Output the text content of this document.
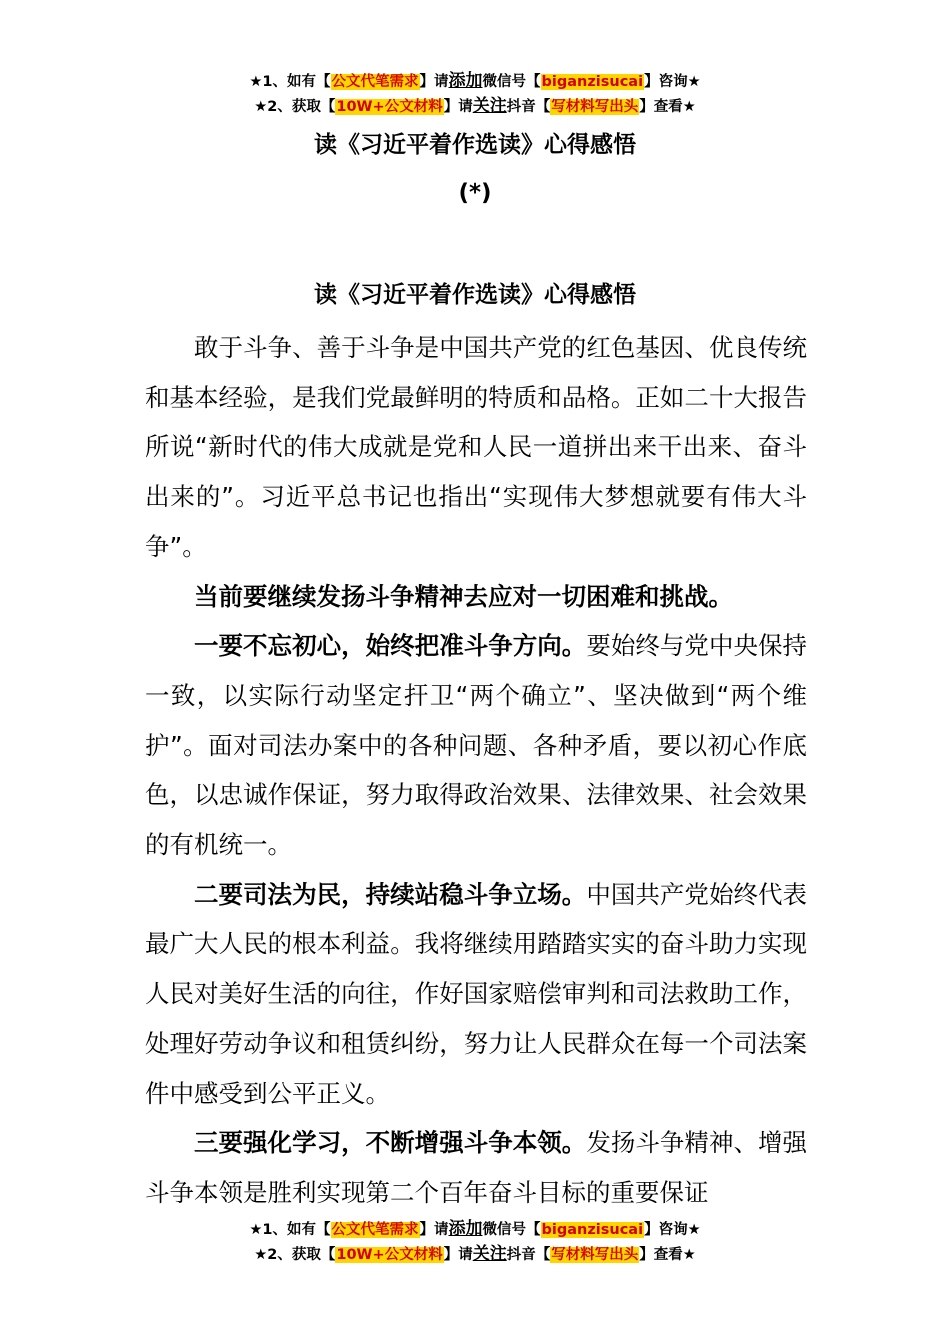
★1、如有【公文代笔需求】请添加微信号【biganzisucai】咨询★
★2、获取【10W+公文材料】请关注抖音【写材料写出头】查看★
读《习近平着作选读》心得感悟
(*)
读《习近平着作选读》心得感悟

敢于斗争、善于斗争是中国共产党的红色基因、优良传统和基本经验，是我们党最鲜明的特质和品格。正如二十大报告所说“新时代的伟大成就是党和人民一道拼出来干出来、奋斗出来的”。习近平总书记也指出“实现伟大梦想就要有伟大斗争”。

当前要继续发扬斗争精神去应对一切困难和挑战。

一要不忘初心，始终把准斗争方向。要始终与党中央保持一致，以实际行动坚定扞卫“两个确立”、坚决做到“两个维护”。面对司法办案中的各种问题、各种矛盾，要以初心作底色，以忠诚作保证，努力取得政治效果、法律效果、社会效果的有机统一。

二要司法为民，持续站稳斗争立场。中国共产党始终代表最广大人民的根本利益。我将继续用踏踏实实的奋斗助力实现人民对美好生活的向往，作好国家赔偿审判和司法救助工作，处理好劳动争议和租赁纠纷，努力让人民群众在每一个司法案件中感受到公平正义。

三要强化学习，不断增强斗争本领。发扬斗争精神、增强斗争本领是胜利实现第二个百年奋斗目标的重要保证

★1、如有【公文代笔需求】请添加微信号【biganzisucai】咨询★
★2、获取【10W+公文材料】请关注抖音【写材料写出头】查看★
